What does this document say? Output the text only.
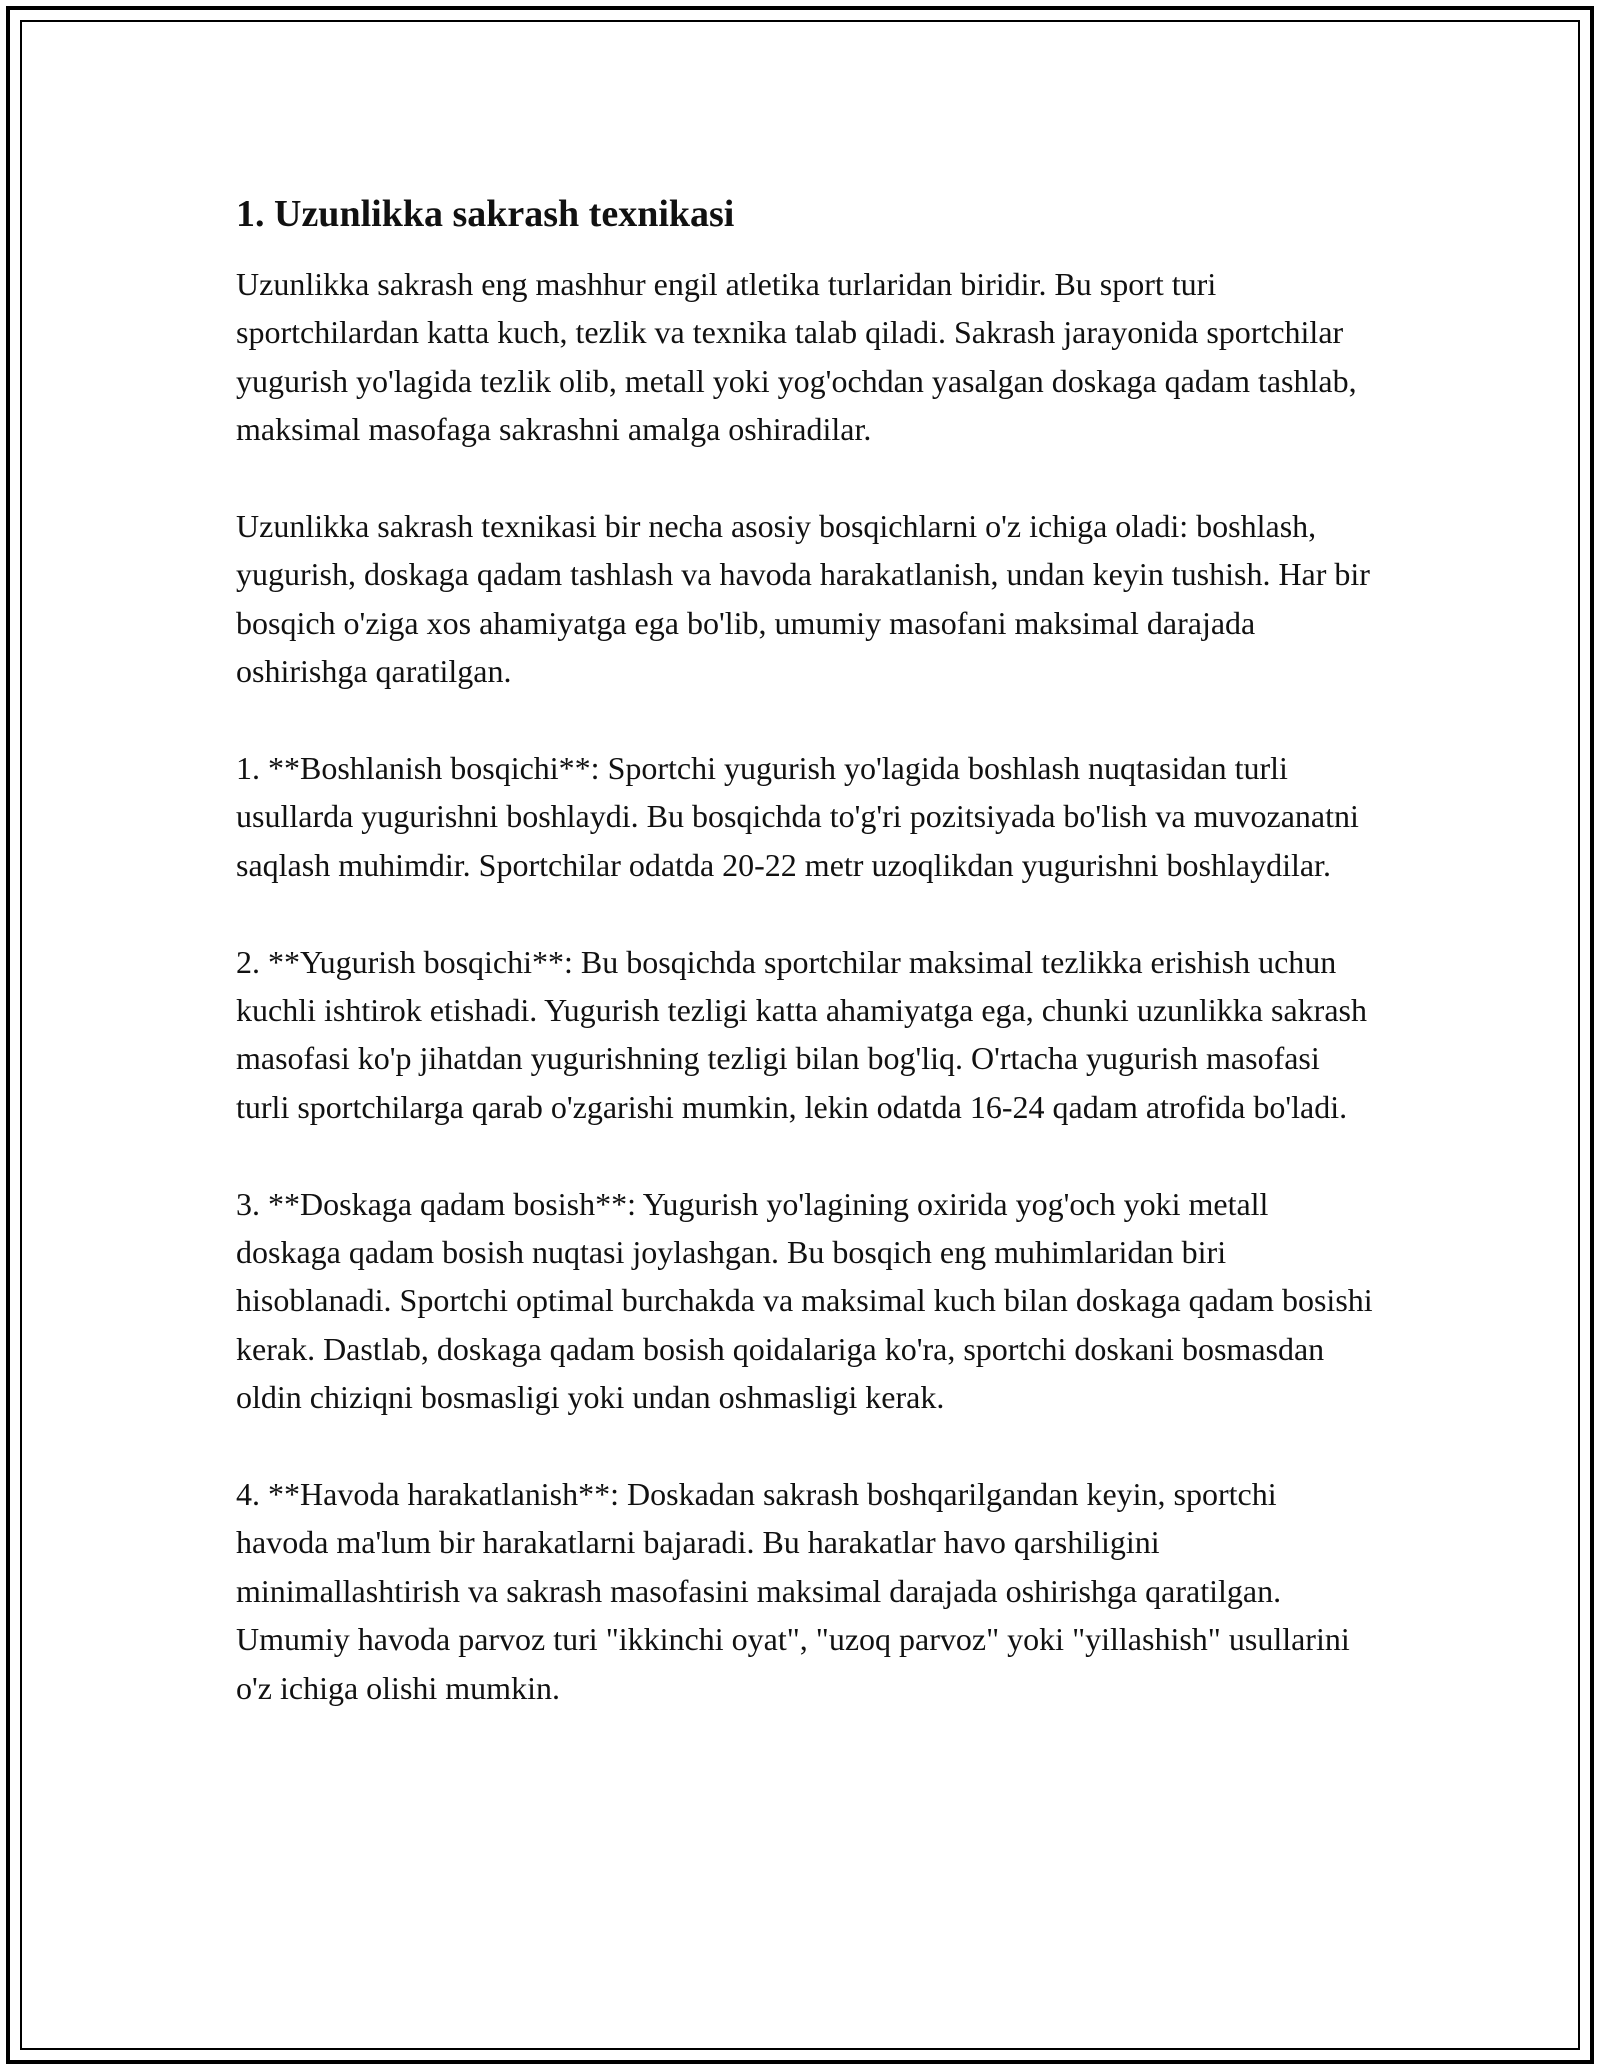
1. Uzunlikka sakrash texnikasi

Uzunlikka sakrash eng mashhur engil atletika turlaridan biridir. Bu sport turi sportchilardan katta kuch, tezlik va texnika talab qiladi. Sakrash jarayonida sportchilar yugurish yo'lagida tezlik olib, metall yoki yog'ochdan yasalgan doskaga qadam tashlab, maksimal masofaga sakrashni amalga oshiradilar.

Uzunlikka sakrash texnikasi bir necha asosiy bosqichlarni o'z ichiga oladi: boshlash, yugurish, doskaga qadam tashlash va havoda harakatlanish, undan keyin tushish. Har bir bosqich o'ziga xos ahamiyatga ega bo'lib, umumiy masofani maksimal darajada oshirishga qaratilgan.

1. **Boshlanish bosqichi**: Sportchi yugurish yo'lagida boshlash nuqtasidan turli usullarda yugurishni boshlaydi. Bu bosqichda to'g'ri pozitsiyada bo'lish va muvozanatni saqlash muhimdir. Sportchilar odatda 20-22 metr uzoqlikdan yugurishni boshlaydilar.

2. **Yugurish bosqichi**: Bu bosqichda sportchilar maksimal tezlikka erishish uchun kuchli ishtirok etishadi. Yugurish tezligi katta ahamiyatga ega, chunki uzunlikka sakrash masofasi ko'p jihatdan yugurishning tezligi bilan bog'liq. O'rtacha yugurish masofasi turli sportchilarga qarab o'zgarishi mumkin, lekin odatda 16-24 qadam atrofida bo'ladi.

3. **Doskaga qadam bosish**: Yugurish yo'lagining oxirida yog'och yoki metall doskaga qadam bosish nuqtasi joylashgan. Bu bosqich eng muhimlaridan biri hisoblanadi. Sportchi optimal burchakda va maksimal kuch bilan doskaga qadam bosishi kerak. Dastlab, doskaga qadam bosish qoidalariga ko'ra, sportchi doskani bosmasdan oldin chiziqni bosmasligi yoki undan oshmasligi kerak.

4. **Havoda harakatlanish**: Doskadan sakrash boshqarilgandan keyin, sportchi havoda ma'lum bir harakatlarni bajaradi. Bu harakatlar havo qarshiligini minimallashtirish va sakrash masofasini maksimal darajada oshirishga qaratilgan. Umumiy havoda parvoz turi "ikkinchi oyat", "uzoq parvoz" yoki "yillashish" usullarini o'z ichiga olishi mumkin.
